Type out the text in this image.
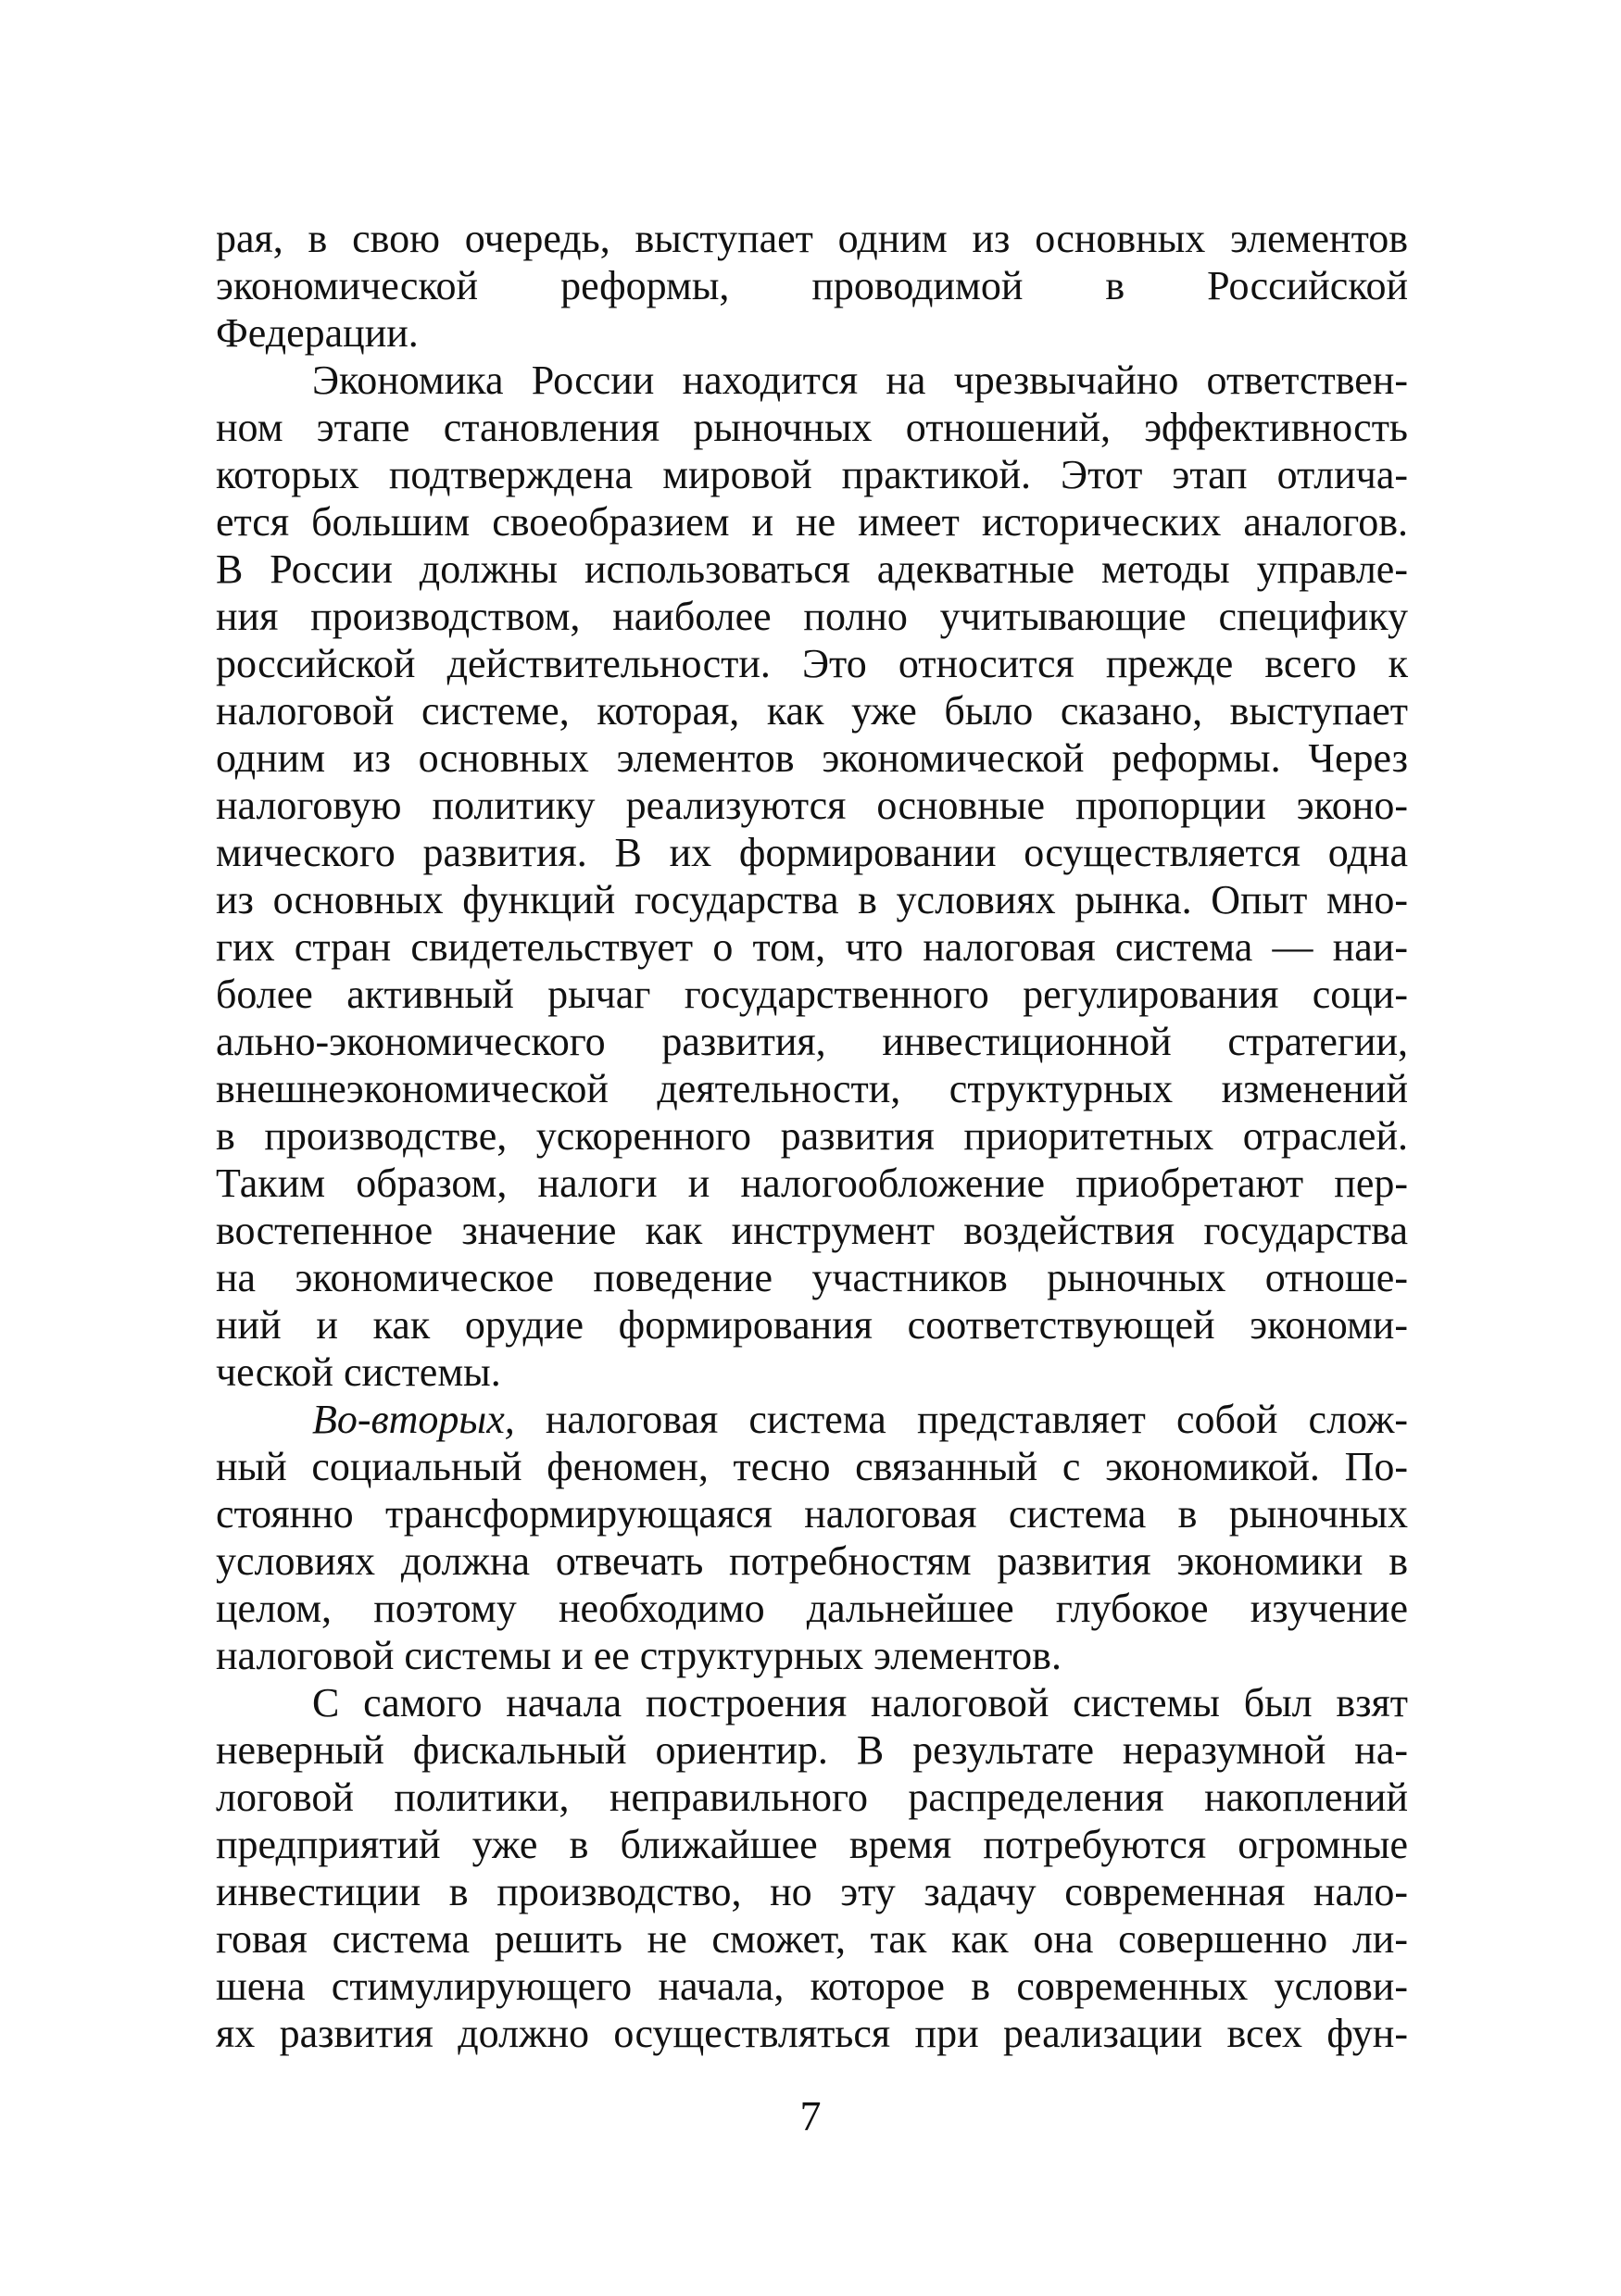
рая, в свою очередь, выступает одним из основных элементов
экономической реформы, проводимой в Российской
Федерации.
Экономика России находится на чрезвычайно ответствен-
ном этапе становления рыночных отношений, эффективность
которых подтверждена мировой практикой. Этот этап отлича-
ется большим своеобразием и не имеет исторических аналогов.
В России должны использоваться адекватные методы управле-
ния производством, наиболее полно учитывающие специфику
российской действительности. Это относится прежде всего к
налоговой системе, которая, как уже было сказано, выступает
одним из основных элементов экономической реформы. Через
налоговую политику реализуются основные пропорции эконо-
мического развития. В их формировании осуществляется одна
из основных функций государства в условиях рынка. Опыт мно-
гих стран свидетельствует о том, что налоговая система — наи-
более активный рычаг государственного регулирования соци-
ально-экономического развития, инвестиционной стратегии,
внешнеэкономической деятельности, структурных изменений
в производстве, ускоренного развития приоритетных отраслей.
Таким образом, налоги и налогообложение приобретают пер-
востепенное значение как инструмент воздействия государства
на экономическое поведение участников рыночных отноше-
ний и как орудие формирования соответствующей экономи-
ческой системы.
Во-вторых, налоговая система представляет собой слож-
ный социальный феномен, тесно связанный с экономикой. По-
стоянно трансформирующаяся налоговая система в рыночных
условиях должна отвечать потребностям развития экономики в
целом, поэтому необходимо дальнейшее глубокое изучение
налоговой системы и ее структурных элементов.
С самого начала построения налоговой системы был взят
неверный фискальный ориентир. В результате неразумной на-
логовой политики, неправильного распределения накоплений
предприятий уже в ближайшее время потребуются огромные
инвестиции в производство, но эту задачу современная нало-
говая система решить не сможет, так как она совершенно ли-
шена стимулирующего начала, которое в современных услови-
ях развития должно осуществляться при реализации всех фун-
7
